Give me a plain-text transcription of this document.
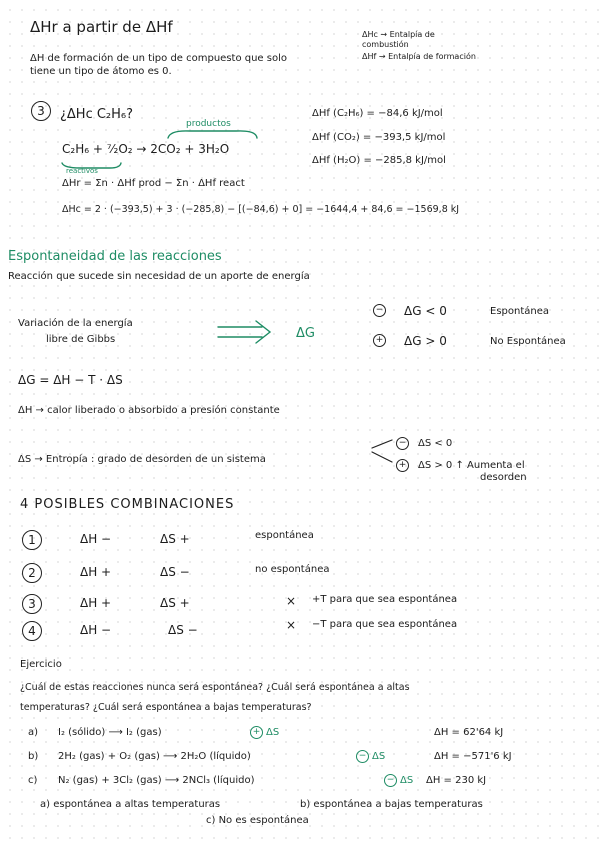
ΔHr a partir de ΔHf
ΔH de formación de un tipo de compuesto que solo
tiene un tipo de átomo es 0.
ΔHc → Entalpía de combustión
ΔHf → Entalpía de formación
3	¿ΔHc C₂H₆?
productos
C₂H₆ + ⁷⁄₂O₂ → 2CO₂ + 3H₂O
reactivos
ΔHr = Σn · ΔHf prod − Σn · ΔHf react
ΔHf (C₂H₆) = −84,6 kJ/mol
ΔHf (CO₂) = −393,5 kJ/mol
ΔHf (H₂O) = −285,8 kJ/mol
ΔHc = 2 · (−393,5) + 3 · (−285,8) − [(−84,6) + 0] = −1644,4 + 84,6 = −1569,8 kJ
Espontaneidad de las reacciones
Reacción que sucede sin necesidad de un aporte de energía
Variación de la energía
libre de Gibbs	ΔG
− ΔG < 0	Espontánea
+ ΔG > 0	No Espontánea
ΔG = ΔH − T · ΔS
ΔH → calor liberado o absorbido a presión constante
ΔS → Entropía : grado de desorden de un sistema
− ΔS < 0
+ ΔS > 0 ↑ Aumenta el
desorden
4 POSIBLES COMBINACIONES
1	ΔH −	ΔS +	espontánea
2	ΔH +	ΔS −	no espontánea
3	ΔH +	ΔS +	× +T para que sea espontánea
4	ΔH −	ΔS −	× −T para que sea espontánea
Ejercicio
¿Cuál de estas reacciones nunca será espontánea? ¿Cuál será espontánea a altas
temperaturas? ¿Cuál será espontánea a bajas temperaturas?
a) I₂ (sólido) ⟶ I₂ (gas)	+ ΔS	ΔH = 62'64 kJ
b) 2H₂ (gas) + O₂ (gas) ⟶ 2H₂O (líquido)	− ΔS	ΔH = −571'6 kJ
c) N₂ (gas) + 3Cl₂ (gas) ⟶ 2NCl₃ (líquido)	− ΔS ΔH = 230 kJ
a) espontánea a altas temperaturas	b) espontánea a bajas temperaturas
c) No es espontánea
